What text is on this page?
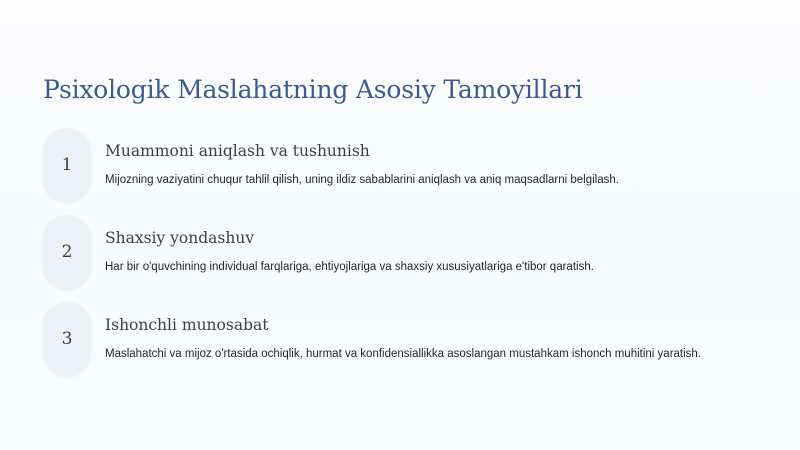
Psixologik Maslahatning Asosiy Tamoyillari
1
Muammoni aniqlash va tushunish
Mijozning vaziyatini chuqur tahlil qilish, uning ildiz sabablarini aniqlash va aniq maqsadlarni belgilash.
2
Shaxsiy yondashuv
Har bir o'quvchining individual farqlariga, ehtiyojlariga va shaxsiy xususiyatlariga e'tibor qaratish.
3
Ishonchli munosabat
Maslahatchi va mijoz o'rtasida ochiqlik, hurmat va konfidensiallikka asoslangan mustahkam ishonch muhitini yaratish.
